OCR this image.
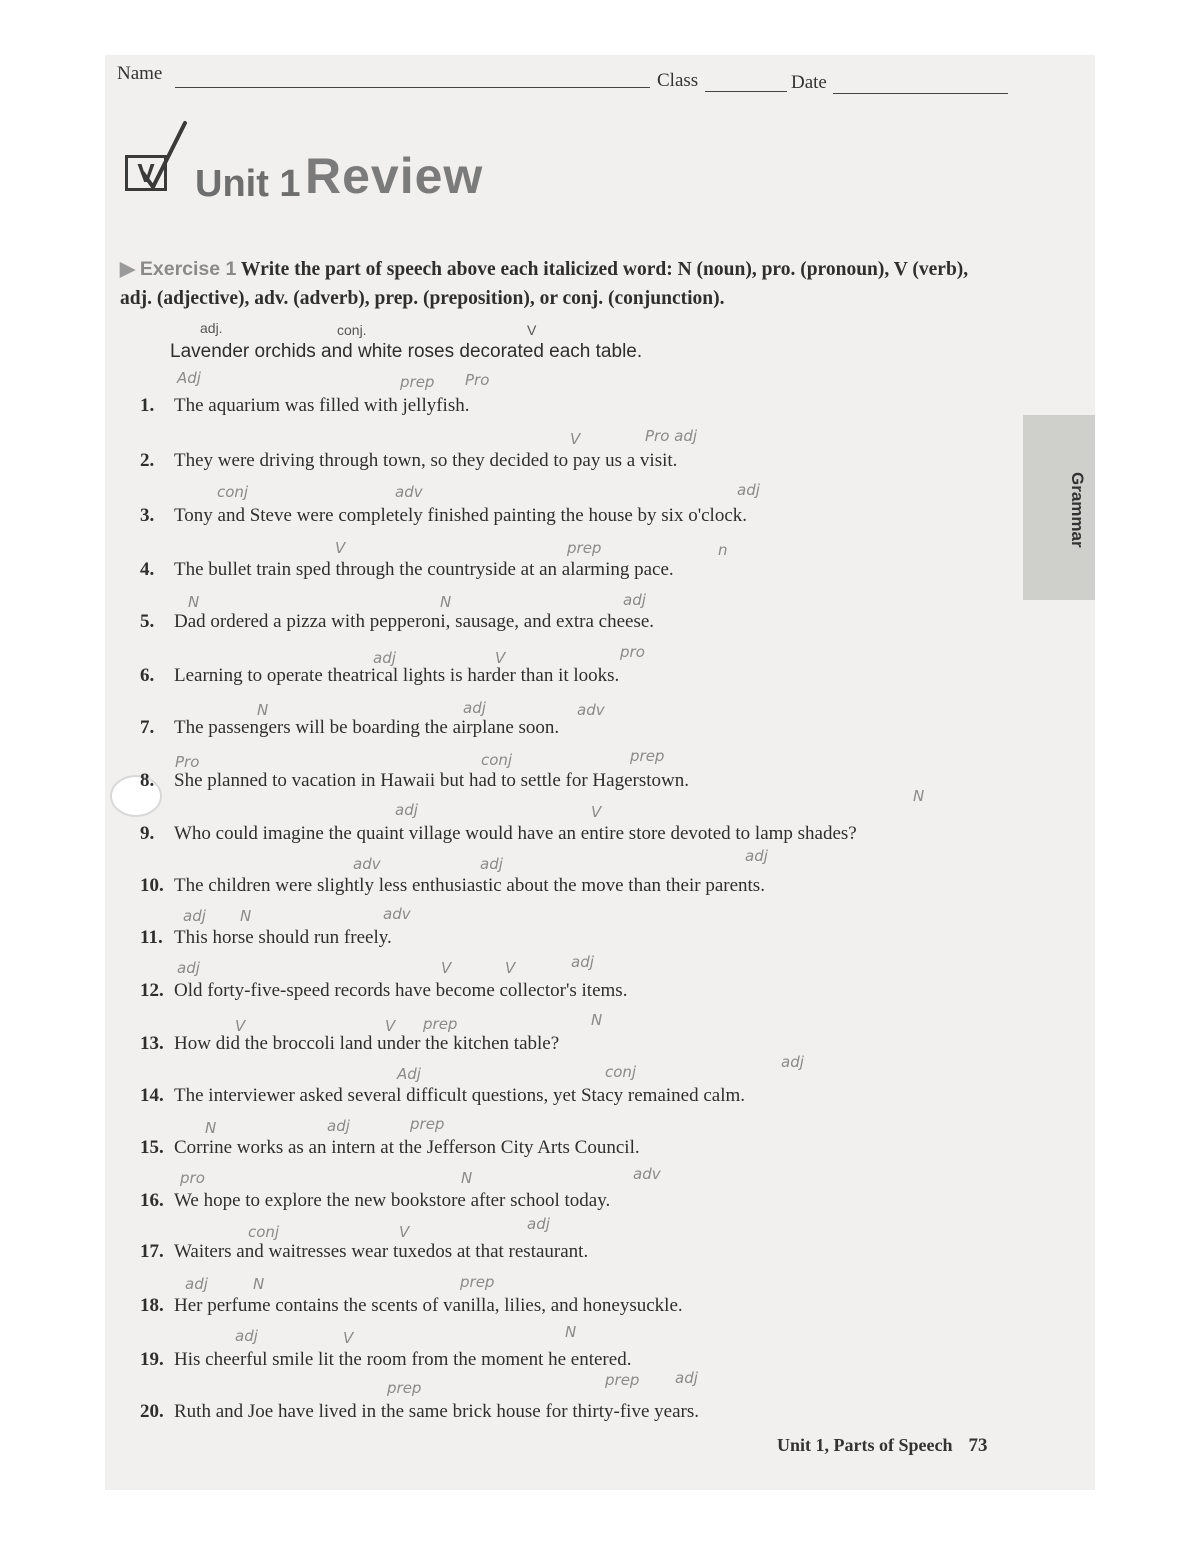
Name	Class	Date
V	Unit 1 Review
▶ Exercise 1 Write the part of speech above each italicized word: N (noun), pro. (pronoun), V (verb), adj. (adjective), adv. (adverb), prep. (preposition), or conj. (conjunction).
adj.	conj.	V
Lavender orchids and white roses decorated each table.
Grammar
1. The aquarium was filled with jellyfish.
Adj	prep Pro
2. They were driving through town, so they decided to pay us a visit.
V	Pro adj
3. Tony and Steve were completely finished painting the house by six o'clock.
conj	adv	adj
4. The bullet train sped through the countryside at an alarming pace.
V	prep	n
5. Dad ordered a pizza with pepperoni, sausage, and extra cheese.
N	N	adj
6. Learning to operate theatrical lights is harder than it looks.
adj	V	pro
7. The passengers will be boarding the airplane soon.
N	adj	adv
8. She planned to vacation in Hawaii but had to settle for Hagerstown.
Pro	conj	prep
9. Who could imagine the quaint village would have an entire store devoted to lamp shades?
adj	V
N
10. The children were slightly less enthusiastic about the move than their parents.
adv	adj	adj
11. This horse should run freely.
adj N	adv
12. Old forty-five-speed records have become collector's items.
adj	V	V	adj
13. How did the broccoli land under the kitchen table?
V	V prep	N
14. The interviewer asked several difficult questions, yet Stacy remained calm.
Adj	conj
adj
15. Corrine works as an intern at the Jefferson City Arts Council.
N	adj	prep
16. We hope to explore the new bookstore after school today.
pro	N	adv
17. Waiters and waitresses wear tuxedos at that restaurant.
conj	V	adj
18. Her perfume contains the scents of vanilla, lilies, and honeysuckle.
adj	N	prep
19. His cheerful smile lit the room from the moment he entered.
adj	V	N
20. Ruth and Joe have lived in the same brick house for thirty-five years.
prep	prep adj
Unit 1, Parts of Speech 73
